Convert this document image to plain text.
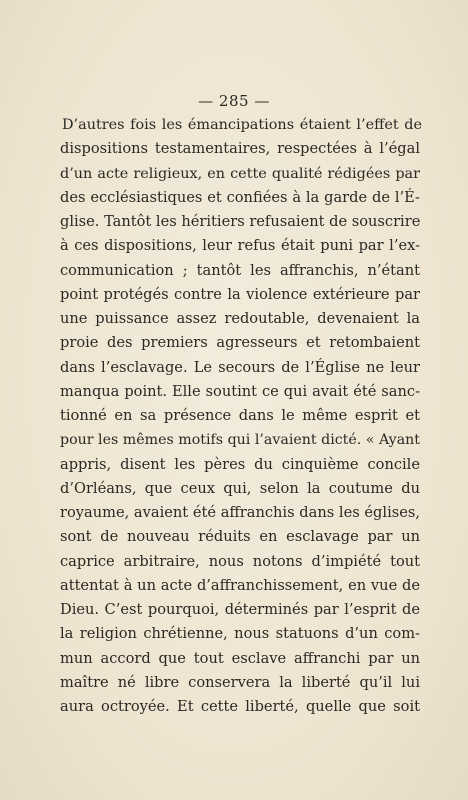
— 285 —
D’autres fois les émancipations étaient l’effet de
dispositions testamentaires, respectées à l’égal
d’un acte religieux, en cette qualité rédigées par
des ecclésiastiques et confiées à la garde de l’É-
glise. Tantôt les héritiers refusaient de souscrire
à ces dispositions, leur refus était puni par l’ex-
communication ; tantôt les affranchis, n’étant
point protégés contre la violence extérieure par
une puissance assez redoutable, devenaient la
proie des premiers agresseurs et retombaient
dans l’esclavage. Le secours de l’Église ne leur
manqua point. Elle soutint ce qui avait été sanc-
tionné en sa présence dans le même esprit et
pour les mêmes motifs qui l’avaient dicté. « Ayant
appris, disent les pères du cinquième concile
d’Orléans, que ceux qui, selon la coutume du
royaume, avaient été affranchis dans les églises,
sont de nouveau réduits en esclavage par un
caprice arbitraire, nous notons d’impiété tout
attentat à un acte d’affranchissement, en vue de
Dieu. C’est pourquoi, déterminés par l’esprit de
la religion chrétienne, nous statuons d’un com-
mun accord que tout esclave affranchi par un
maître né libre conservera la liberté qu’il lui
aura octroyée. Et cette liberté, quelle que soit
